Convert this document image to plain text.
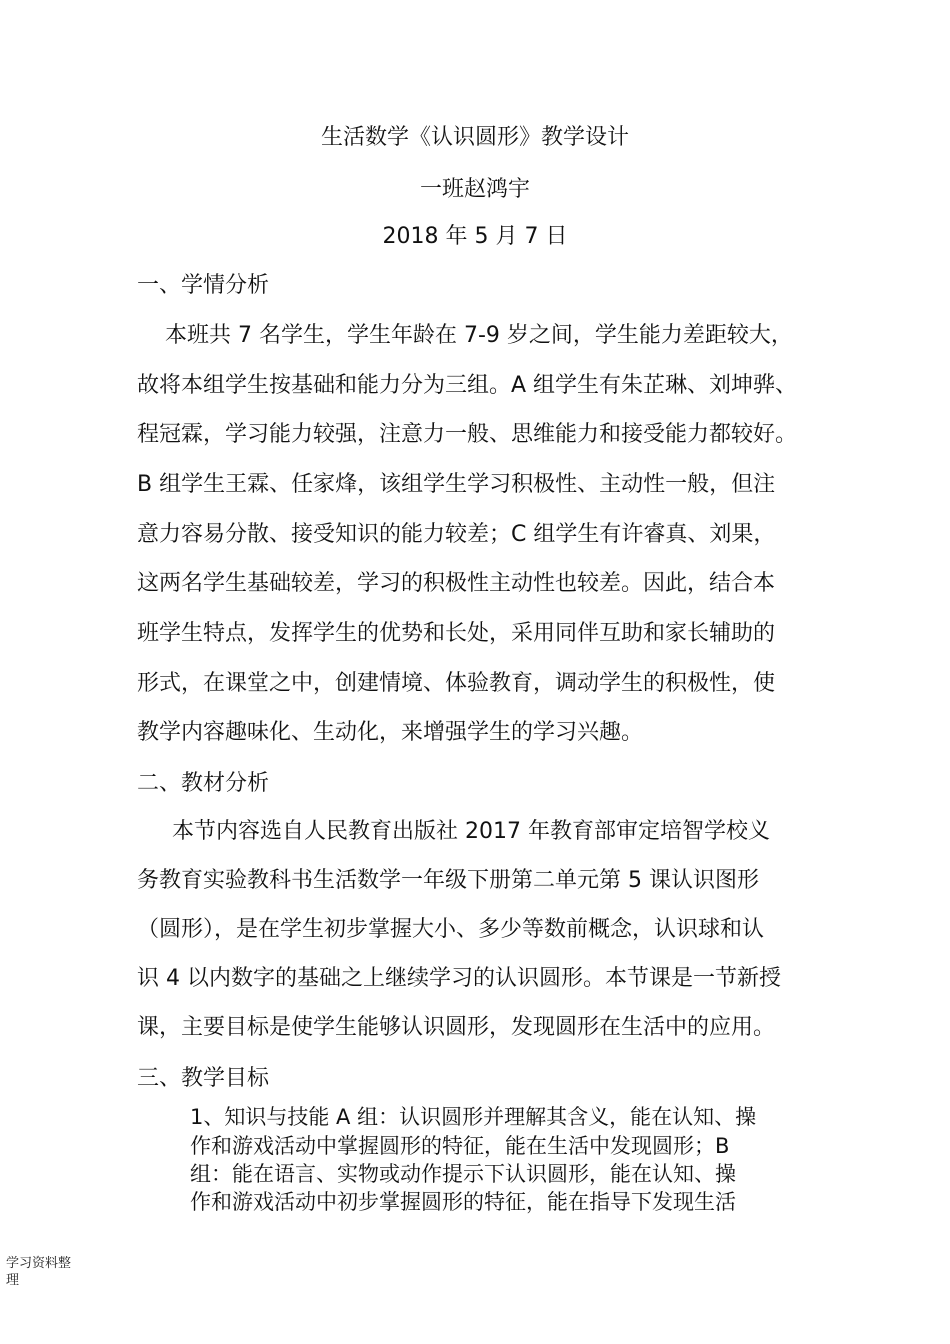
生活数学《认识圆形》教学设计
一班赵鸿宇
2018 年 5 月 7 日
一、学情分析
本班共 7 名学生，学生年龄在 7-9 岁之间，学生能力差距较大，
故将本组学生按基础和能力分为三组。A 组学生有朱芷琳、刘坤骅、
程冠霖，学习能力较强，注意力一般、思维能力和接受能力都较好。
B 组学生王霖、任家烽，该组学生学习积极性、主动性一般，但注
意力容易分散、接受知识的能力较差；C 组学生有许睿真、刘果，
这两名学生基础较差，学习的积极性主动性也较差。因此，结合本
班学生特点，发挥学生的优势和长处，采用同伴互助和家长辅助的
形式，在课堂之中，创建情境、体验教育，调动学生的积极性，使
教学内容趣味化、生动化，来增强学生的学习兴趣。
二、教材分析
本节内容选自人民教育出版社 2017 年教育部审定培智学校义
务教育实验教科书生活数学一年级下册第二单元第 5 课认识图形
（圆形），是在学生初步掌握大小、多少等数前概念，认识球和认
识 4 以内数字的基础之上继续学习的认识圆形。本节课是一节新授
课，主要目标是使学生能够认识圆形，发现圆形在生活中的应用。
三、教学目标
1、知识与技能 A 组：认识圆形并理解其含义，能在认知、操
作和游戏活动中掌握圆形的特征，能在生活中发现圆形；B
组：能在语言、实物或动作提示下认识圆形，能在认知、操
作和游戏活动中初步掌握圆形的特征，能在指导下发现生活
学习资料整
理
